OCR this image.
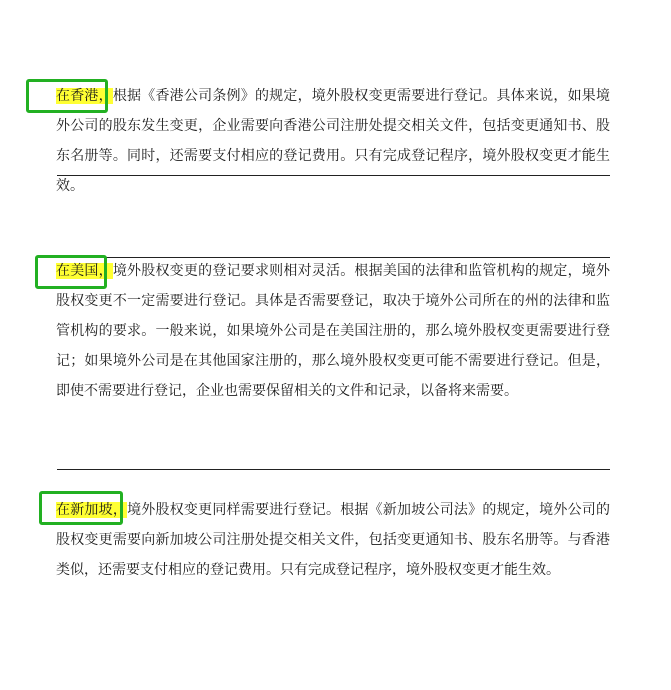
在香港，根据《香港公司条例》的规定，境外股权变更需要进行登记。具体来说，如果境外公司的股东发生变更，企业需要向香港公司注册处提交相关文件，包括变更通知书、股东名册等。同时，还需要支付相应的登记费用。只有完成登记程序，境外股权变更才能生效。

在美国，境外股权变更的登记要求则相对灵活。根据美国的法律和监管机构的规定，境外股权变更不一定需要进行登记。具体是否需要登记，取决于境外公司所在的州的法律和监管机构的要求。一般来说，如果境外公司是在美国注册的，那么境外股权变更需要进行登记；如果境外公司是在其他国家注册的，那么境外股权变更可能不需要进行登记。但是，即使不需要进行登记，企业也需要保留相关的文件和记录，以备将来需要。

在新加坡，境外股权变更同样需要进行登记。根据《新加坡公司法》的规定，境外公司的股权变更需要向新加坡公司注册处提交相关文件，包括变更通知书、股东名册等。与香港类似，还需要支付相应的登记费用。只有完成登记程序，境外股权变更才能生效。
